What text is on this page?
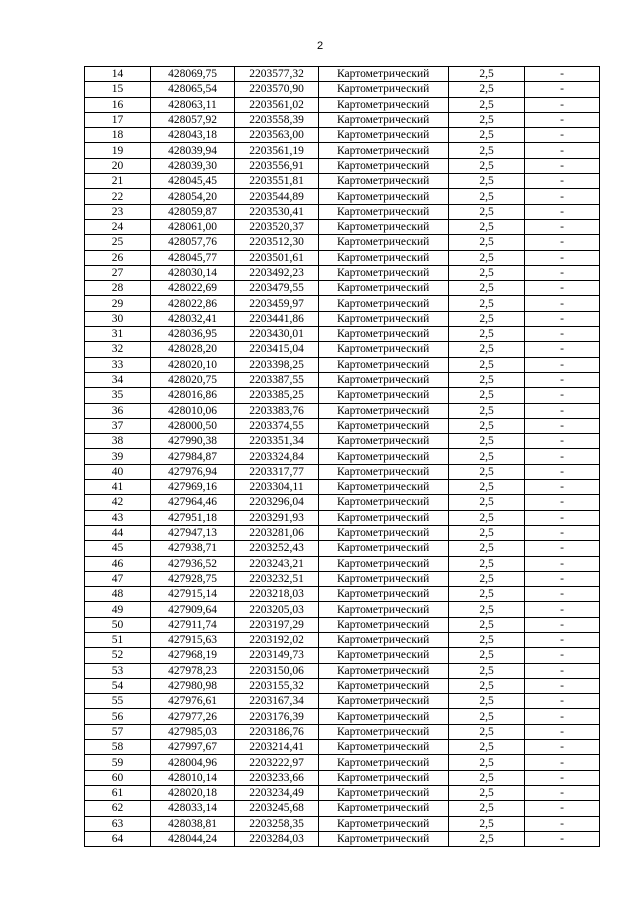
2
14	428069,75	2203577,32	Картометрический	2,5	-
15	428065,54	2203570,90	Картометрический	2,5	-
16	428063,11	2203561,02	Картометрический	2,5	-
17	428057,92	2203558,39	Картометрический	2,5	-
18	428043,18	2203563,00	Картометрический	2,5	-
19	428039,94	2203561,19	Картометрический	2,5	-
20	428039,30	2203556,91	Картометрический	2,5	-
21	428045,45	2203551,81	Картометрический	2,5	-
22	428054,20	2203544,89	Картометрический	2,5	-
23	428059,87	2203530,41	Картометрический	2,5	-
24	428061,00	2203520,37	Картометрический	2,5	-
25	428057,76	2203512,30	Картометрический	2,5	-
26	428045,77	2203501,61	Картометрический	2,5	-
27	428030,14	2203492,23	Картометрический	2,5	-
28	428022,69	2203479,55	Картометрический	2,5	-
29	428022,86	2203459,97	Картометрический	2,5	-
30	428032,41	2203441,86	Картометрический	2,5	-
31	428036,95	2203430,01	Картометрический	2,5	-
32	428028,20	2203415,04	Картометрический	2,5	-
33	428020,10	2203398,25	Картометрический	2,5	-
34	428020,75	2203387,55	Картометрический	2,5	-
35	428016,86	2203385,25	Картометрический	2,5	-
36	428010,06	2203383,76	Картометрический	2,5	-
37	428000,50	2203374,55	Картометрический	2,5	-
38	427990,38	2203351,34	Картометрический	2,5	-
39	427984,87	2203324,84	Картометрический	2,5	-
40	427976,94	2203317,77	Картометрический	2,5	-
41	427969,16	2203304,11	Картометрический	2,5	-
42	427964,46	2203296,04	Картометрический	2,5	-
43	427951,18	2203291,93	Картометрический	2,5	-
44	427947,13	2203281,06	Картометрический	2,5	-
45	427938,71	2203252,43	Картометрический	2,5	-
46	427936,52	2203243,21	Картометрический	2,5	-
47	427928,75	2203232,51	Картометрический	2,5	-
48	427915,14	2203218,03	Картометрический	2,5	-
49	427909,64	2203205,03	Картометрический	2,5	-
50	427911,74	2203197,29	Картометрический	2,5	-
51	427915,63	2203192,02	Картометрический	2,5	-
52	427968,19	2203149,73	Картометрический	2,5	-
53	427978,23	2203150,06	Картометрический	2,5	-
54	427980,98	2203155,32	Картометрический	2,5	-
55	427976,61	2203167,34	Картометрический	2,5	-
56	427977,26	2203176,39	Картометрический	2,5	-
57	427985,03	2203186,76	Картометрический	2,5	-
58	427997,67	2203214,41	Картометрический	2,5	-
59	428004,96	2203222,97	Картометрический	2,5	-
60	428010,14	2203233,66	Картометрический	2,5	-
61	428020,18	2203234,49	Картометрический	2,5	-
62	428033,14	2203245,68	Картометрический	2,5	-
63	428038,81	2203258,35	Картометрический	2,5	-
64	428044,24	2203284,03	Картометрический	2,5	-
